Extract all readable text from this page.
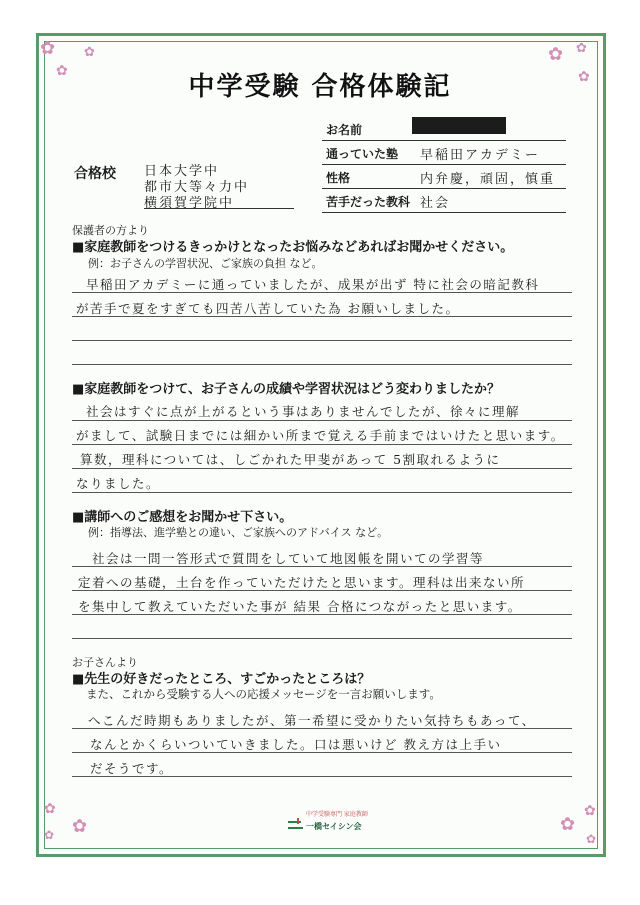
✿
✿
✿	✿ ✿
✿
✿
✿
✿	✿
✿
✿
中学受験 合格体験記
お名前
通っていた塾 早稲田アカデミー
性格	内弁慶，頑固，慎重
苦手だった教科 社会
合格校 日本大学中
都市大等々力中
横須賀学院中
保護者の方より
■家庭教師をつけるきっかけとなったお悩みなどあればお聞かせください。
例：お子さんの学習状況、ご家族の負担 など。
早稲田アカデミーに通っていましたが、成果が出ず 特に社会の暗記教科
が苦手で夏をすぎても四苦八苦していた為 お願いしました。
■家庭教師をつけて、お子さんの成績や学習状況はどう変わりましたか？
社会はすぐに点が上がるという事はありませんでしたが、徐々に理解
がまして、試験日までには細かい所まで覚える手前まではいけたと思います。
算数，理科については、しごかれた甲斐があって 5割取れるように
なりました。
■講師へのご感想をお聞かせ下さい。
例：指導法、進学塾との違い、ご家族へのアドバイス など。
社会は一問一答形式で質問をしていて地図帳を開いての学習等
定着への基礎，土台を作っていただけたと思います。理科は出来ない所
を集中して教えていただいた事が 結果 合格につながったと思います。
お子さんより
■先生の好きだったところ、すごかったところは？
また、これから受験する人への応援メッセージを一言お願いします。
へこんだ時期もありましたが、第一希望に受かりたい気持ちもあって、
なんとかくらいついていきました。口は悪いけど 教え方は上手い
だそうです。
中学受験専門 家庭教師
一橋セイシン会
